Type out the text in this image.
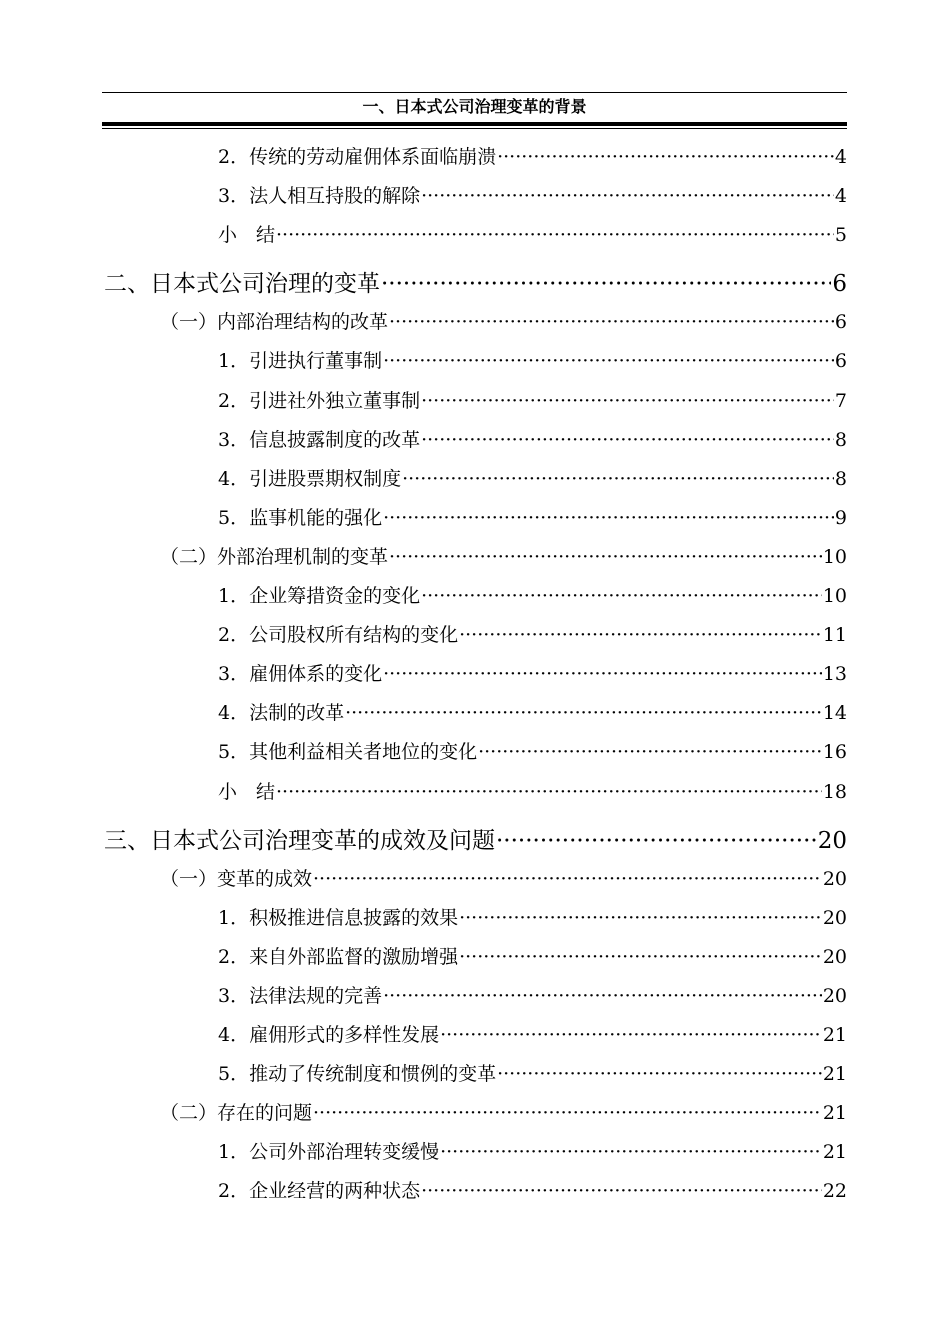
一、日本式公司治理变革的背景
2．传统的劳动雇佣体系面临崩溃 ·····	4
3．法人相互持股的解除 ·····	4
小　结 ·····	5
二、日本式公司治理的变革 ·····	6
（一）内部治理结构的改革 ·····	6
1．引进执行董事制 ·····	6
2．引进社外独立董事制 ·····	7
3．信息披露制度的改革 ·····	8
4．引进股票期权制度 ·····	8
5．监事机能的强化 ·····	9
（二）外部治理机制的变革 ·····	10
1．企业筹措资金的变化 ·····	10
2．公司股权所有结构的变化 ·····	11
3．雇佣体系的变化 ·····	13
4．法制的改革 ·····	14
5．其他利益相关者地位的变化 ·····	16
小　结 ·····	18
三、日本式公司治理变革的成效及问题 ·····	20
（一）变革的成效 ·····	20
1．积极推进信息披露的效果 ·····	20
2．来自外部监督的激励增强 ·····	20
3．法律法规的完善 ·····	20
4．雇佣形式的多样性发展 ·····	21
5．推动了传统制度和惯例的变革 ·····	21
（二）存在的问题 ·····	21
1．公司外部治理转变缓慢 ·····	21
2．企业经营的两种状态 ·····	22
